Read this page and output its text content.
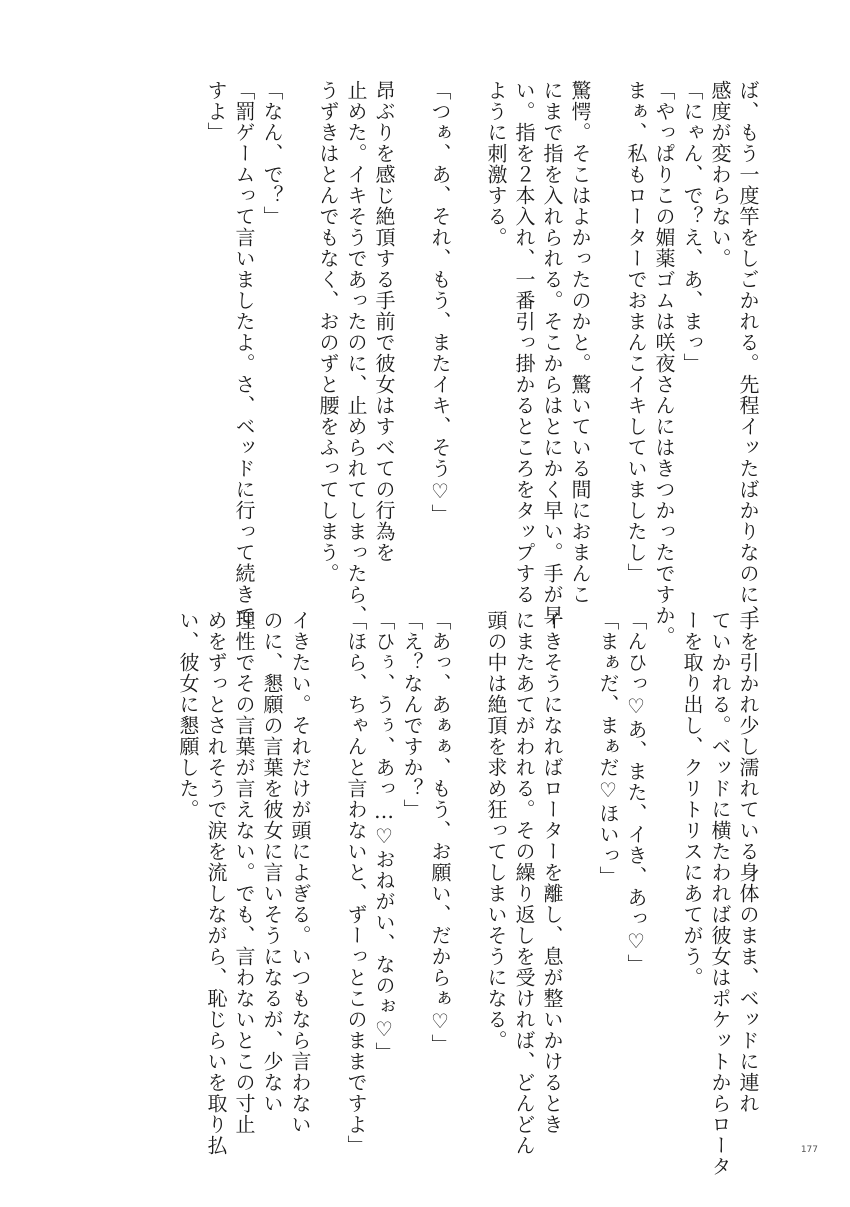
ば、もう一度竿をしごかれる。先程イッたばかりなのに、
感度が変わらない。
「にゃん、で？え、あ、まっ」
「やっぱりこの媚薬ゴムは咲夜さんにはきつかったですか。
まぁ、私もローターでおまんこイキしていましたし」
驚愕。そこはよかったのかと。驚いている間におまんこ
にまで指を入れられる。そこからはとにかく早い。手が早
い。指を２本入れ、一番引っ掛かるところをタップする
ように刺激する。
「つぁ、あ、それ、もう、またイキ、そう♡」
昂ぶりを感じ絶頂する手前で彼女はすべての行為を
止めた。イキそうであったのに、止められてしまったら、
うずきはとんでもなく、おのずと腰をふってしまう。
「なん、で？」
「罰ゲームって言いましたよ。さ、ベッドに行って続きで
すよ」
手を引かれ少し濡れている身体のまま、ベッドに連れ
ていかれる。ベッドに横たわれば彼女はポケットからロータ
ーを取り出し、クリトリスにあてがう。
「んひっ♡あ、また、イき、あっ♡」
「まぁだ、まぁだ♡ほいっ」
イきそうになればローターを離し、息が整いかけるとき
にまたあてがわれる。その繰り返しを受ければ、どんどん
頭の中は絶頂を求め狂ってしまいそうになる。
「あっ、あぁぁ、もう、お願い、だからぁ♡」
「え？なんですか？」
「ひぅ、うぅ、あっ…♡おねがい、なのぉ♡」
「ほら、ちゃんと言わないと、ずーっとこのままですよ」
イきたい。それだけが頭によぎる。いつもなら言わない
のに、懇願の言葉を彼女に言いそうになるが、少ない
理性でその言葉が言えない。でも、言わないとこの寸止
めをずっとされそうで涙を流しながら、恥じらいを取り払
い、彼女に懇願した。
177
